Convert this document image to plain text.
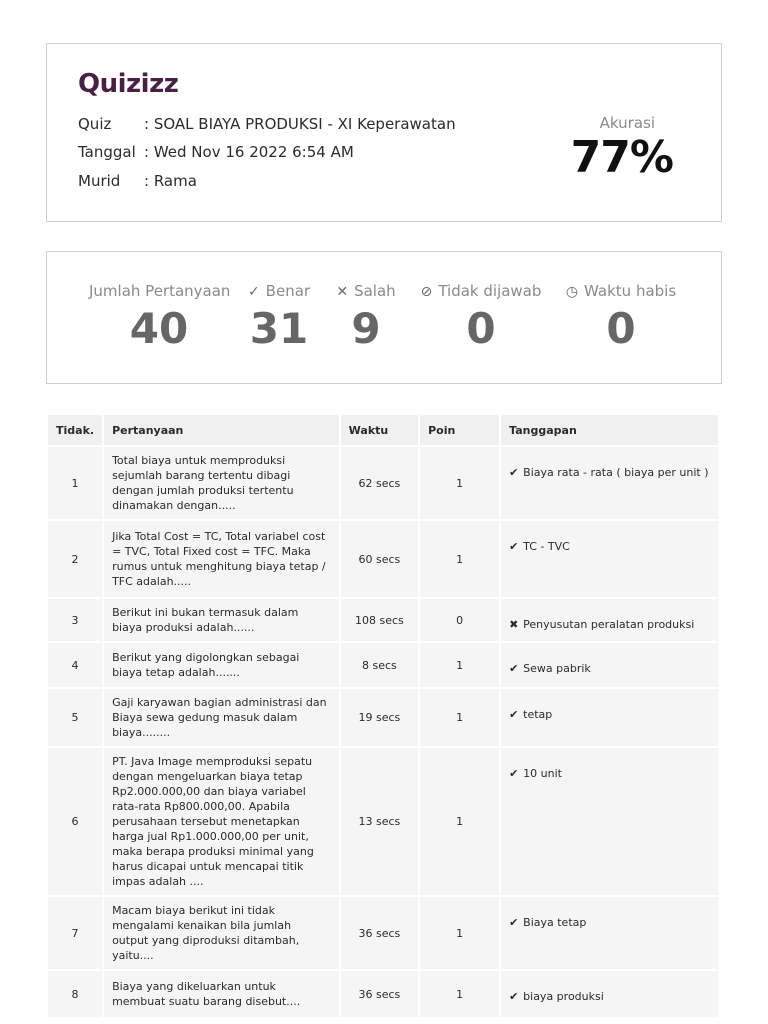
Quizizz
Quiz : SOAL BIAYA PRODUKSI - XI Keperawatan
Tanggal : Wed Nov 16 2022 6:54 AM
Murid : Rama
Akurasi
77%
Jumlah Pertanyaan
40
✓ Benar
31
✕ Salah
9
⊘ Tidak dijawab
0
◷ Waktu habis
0
Tidak.	Pertanyaan	Waktu	Poin	Tanggapan
1	Total biaya untuk memproduksi sejumlah barang tertentu dibagi dengan jumlah produksi tertentu dinamakan dengan.....	62 secs	1	✔ Biaya rata - rata ( biaya per unit )

2	Jika Total Cost = TC, Total variabel cost = TVC, Total Fixed cost = TFC. Maka rumus untuk menghitung biaya tetap / TFC adalah.....	60 secs	1	✔ TC - TVC

3	Berikut ini bukan termasuk dalam biaya produksi adalah......	108 secs	0	✖ Penyusutan peralatan produksi

4	Berikut yang digolongkan sebagai biaya tetap adalah.......	8 secs	1	✔ Sewa pabrik

5	Gaji karyawan bagian administrasi dan Biaya sewa gedung masuk dalam biaya........	19 secs	1	✔ tetap

6	PT. Java Image memproduksi sepatu dengan mengeluarkan biaya tetap Rp2.000.000,00 dan biaya variabel rata-rata Rp800.000,00. Apabila perusahaan tersebut menetapkan harga jual Rp1.000.000,00 per unit, maka berapa produksi minimal yang harus dicapai untuk mencapai titik impas adalah ....	13 secs	1	✔ 10 unit

7	Macam biaya berikut ini tidak mengalami kenaikan bila jumlah output yang diproduksi ditambah, yaitu....	36 secs	1	✔ Biaya tetap

8	Biaya yang dikeluarkan untuk membuat suatu barang disebut....	36 secs	1	✔ biaya produksi
